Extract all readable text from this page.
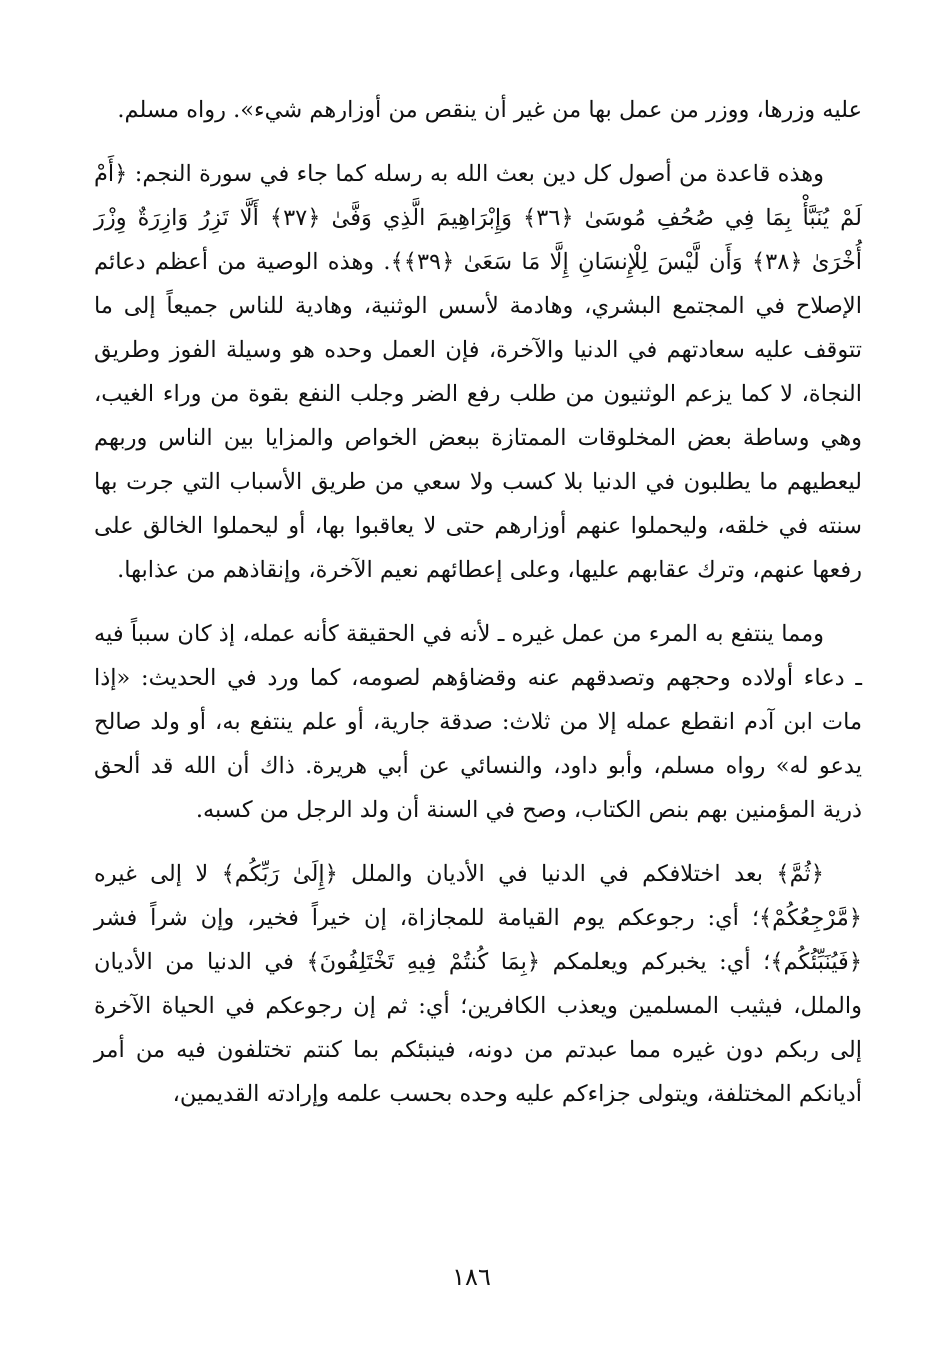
عليه وزرها، ووزر من عمل بها من غير أن ينقص من أوزارهم شيء». رواه مسلم.

وهذه قاعدة من أصول كل دين بعث الله به رسله كما جاء في سورة النجم: ﴿أَمْ لَمْ يُنَبَّأْ بِمَا فِي صُحُفِ مُوسَىٰ ﴿٣٦﴾ وَإِبْرَاهِيمَ الَّذِي وَفَّىٰ ﴿٣٧﴾ أَلَّا تَزِرُ وَازِرَةٌ وِزْرَ أُخْرَىٰ ﴿٣٨﴾ وَأَن لَّيْسَ لِلْإِنسَانِ إِلَّا مَا سَعَىٰ ﴿٣٩﴾﴾. وهذه الوصية من أعظم دعائم الإصلاح في المجتمع البشري، وهادمة لأسس الوثنية، وهادية للناس جميعاً إلى ما تتوقف عليه سعادتهم في الدنيا والآخرة، فإن العمل وحده هو وسيلة الفوز وطريق النجاة، لا كما يزعم الوثنيون من طلب رفع الضر وجلب النفع بقوة من وراء الغيب، وهي وساطة بعض المخلوقات الممتازة ببعض الخواص والمزايا بين الناس وربهم ليعطيهم ما يطلبون في الدنيا بلا كسب ولا سعي من طريق الأسباب التي جرت بها سنته في خلقه، وليحملوا عنهم أوزارهم حتى لا يعاقبوا بها، أو ليحملوا الخالق على رفعها عنهم، وترك عقابهم عليها، وعلى إعطائهم نعيم الآخرة، وإنقاذهم من عذابها.

ومما ينتفع به المرء من عمل غيره ـ لأنه في الحقيقة كأنه عمله، إذ كان سبباً فيه ـ دعاء أولاده وحجهم وتصدقهم عنه وقضاؤهم لصومه، كما ورد في الحديث: «إذا مات ابن آدم انقطع عمله إلا من ثلاث: صدقة جارية، أو علم ينتفع به، أو ولد صالح يدعو له» رواه مسلم، وأبو داود، والنسائي عن أبي هريرة. ذاك أن الله قد ألحق ذرية المؤمنين بهم بنص الكتاب، وصح في السنة أن ولد الرجل من كسبه.

﴿ثُمَّ﴾ بعد اختلافكم في الدنيا في الأديان والملل ﴿إِلَىٰ رَبِّكُم﴾ لا إلى غيره ﴿مَّرْجِعُكُمْ﴾؛ أي: رجوعكم يوم القيامة للمجازاة، إن خيراً فخير، وإن شراً فشر ﴿فَيُنَبِّئُكُم﴾؛ أي: يخبركم ويعلمكم ﴿بِمَا كُنتُمْ فِيهِ تَخْتَلِفُونَ﴾ في الدنيا من الأديان والملل، فيثيب المسلمين ويعذب الكافرين؛ أي: ثم إن رجوعكم في الحياة الآخرة إلى ربكم دون غيره مما عبدتم من دونه، فينبئكم بما كنتم تختلفون فيه من أمر أديانكم المختلفة، ويتولى جزاءكم عليه وحده بحسب علمه وإرادته القديمين،

١٨٦
